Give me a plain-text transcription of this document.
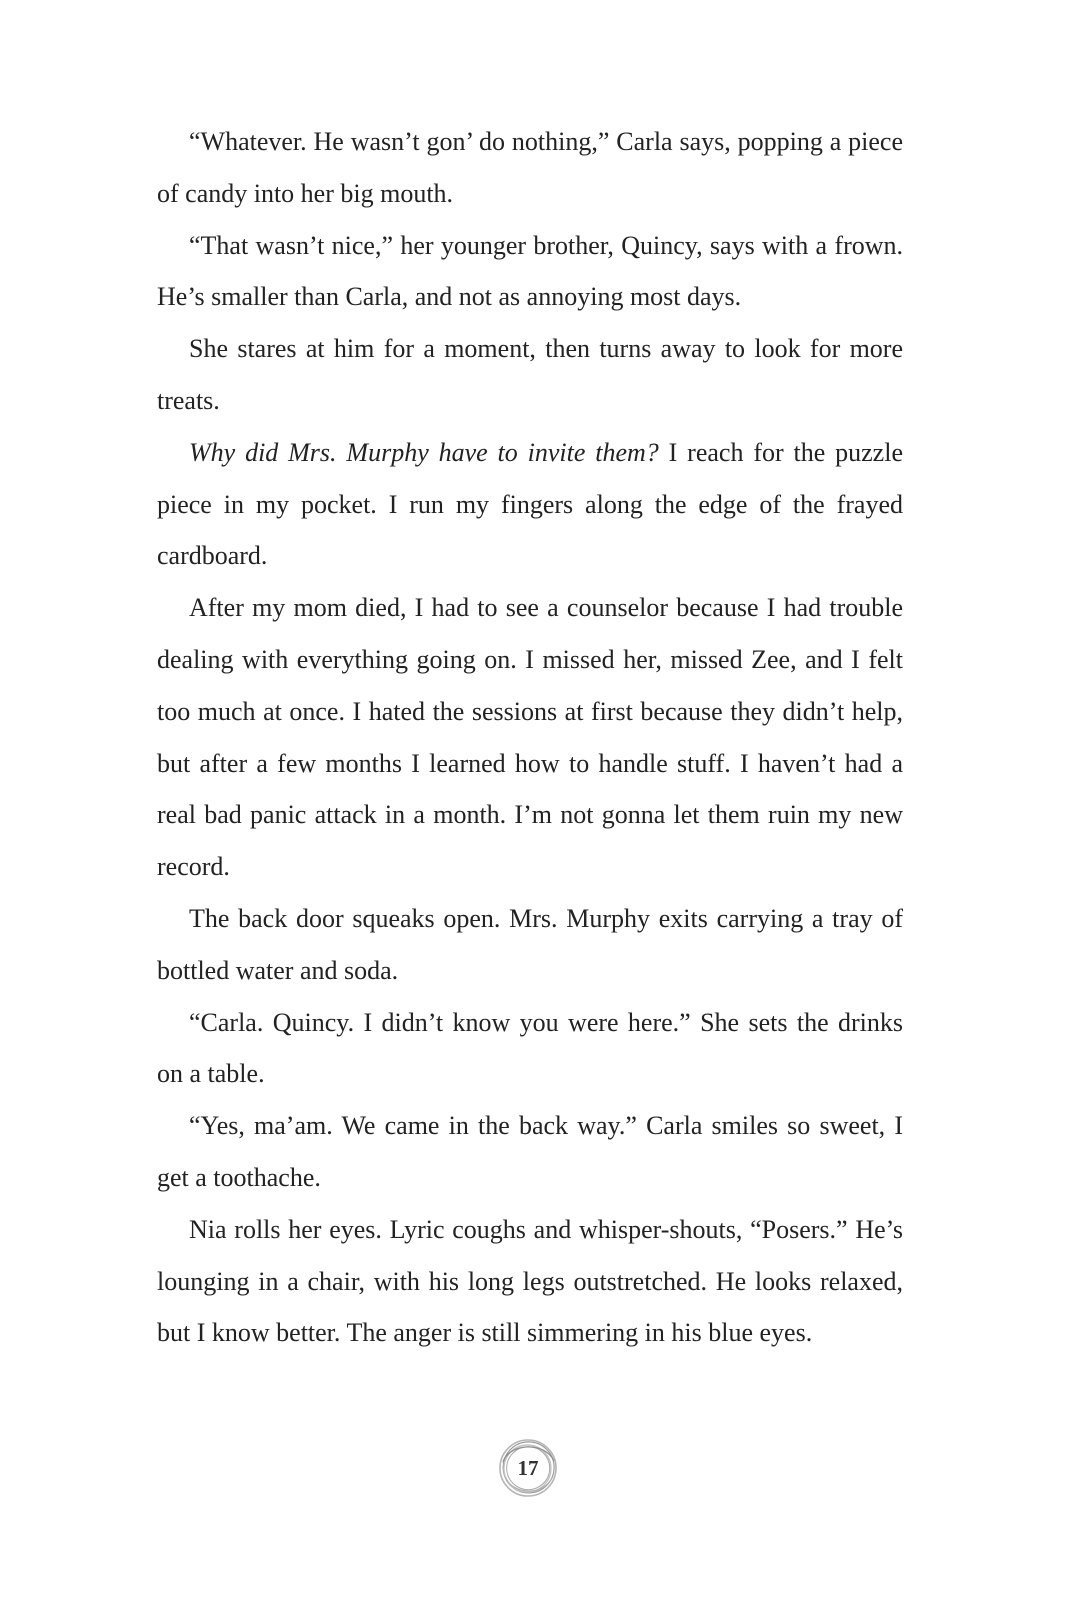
“Whatever. He wasn’t gon’ do nothing,” Carla says, popping a piece of candy into her big mouth.

“That wasn’t nice,” her younger brother, Quincy, says with a frown. He’s smaller than Carla, and not as annoying most days.

She stares at him for a moment, then turns away to look for more treats.

Why did Mrs. Murphy have to invite them? I reach for the puzzle piece in my pocket. I run my fingers along the edge of the frayed cardboard.

After my mom died, I had to see a counselor because I had trouble dealing with everything going on. I missed her, missed Zee, and I felt too much at once. I hated the sessions at first because they didn’t help, but after a few months I learned how to handle stuff. I haven’t had a real bad panic attack in a month. I’m not gonna let them ruin my new record.

The back door squeaks open. Mrs. Murphy exits carrying a tray of bottled water and soda.

“Carla. Quincy. I didn’t know you were here.” She sets the drinks on a table.

“Yes, ma’am. We came in the back way.” Carla smiles so sweet, I get a toothache.

Nia rolls her eyes. Lyric coughs and whisper-shouts, “Posers.” He’s lounging in a chair, with his long legs outstretched. He looks relaxed, but I know better. The anger is still simmering in his blue eyes.

17
